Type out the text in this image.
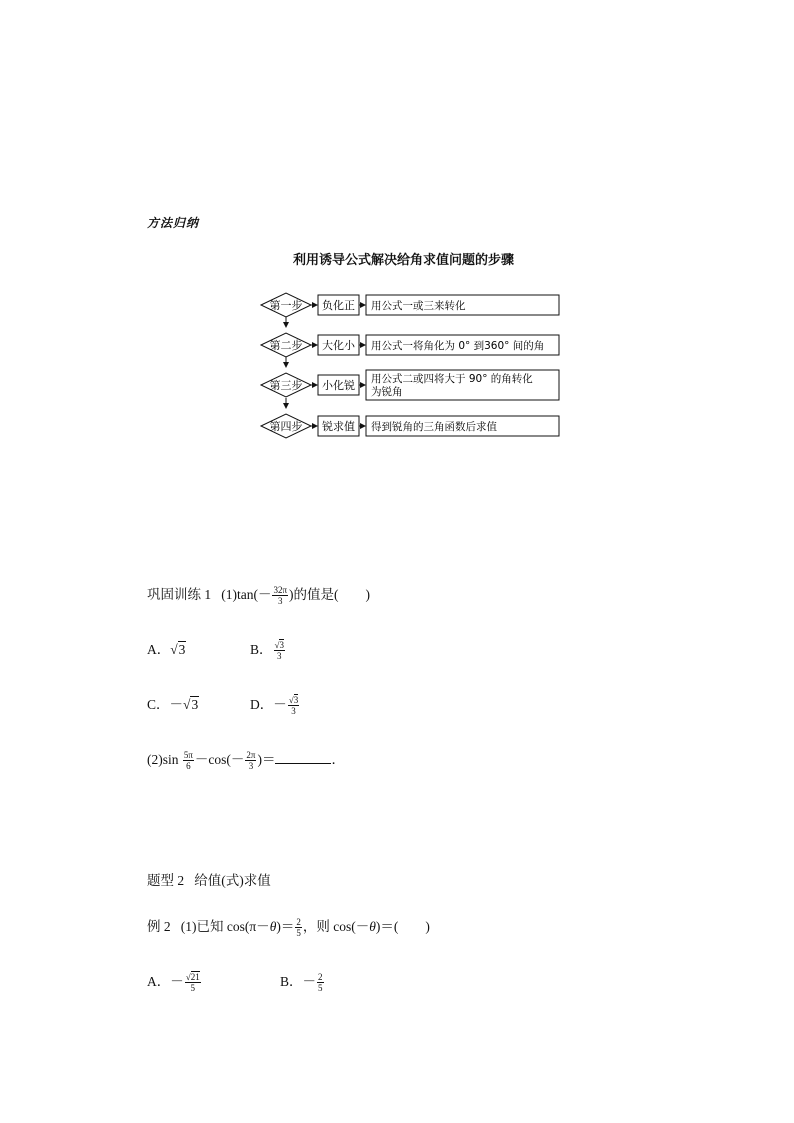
方法归纳
利用诱导公式解决给角求值问题的步骤
第一步 负化正 用公式一或三来转化
第二步 大化小 用公式一将角化为 0° 到360° 间的角
第三步 小化锐 用公式二或四将大于 90° 的角转化
为锐角
第四步 锐求值 得到锐角的三角函数后求值
巩固训练 1 $(1)\tan(- \frac{32\pi}{3}$ )的值是(　　)
A．√3	B． $\frac{√3}{3}$
C．－√3	D．－ $\frac{√3}{3}$
$(2)\sin \frac{5\pi}{6} -\cos(- \frac{2\pi}{3}$ )＝	．
题型 2 给值(式)求值
例 2 (1)已知 $\cos(\pi-\theta)= \frac{2}{5}$ ，则 cos(－θ)＝(　　)
A．－ $\frac{√21}{5}$	B．－ $\frac{2}{5}$
